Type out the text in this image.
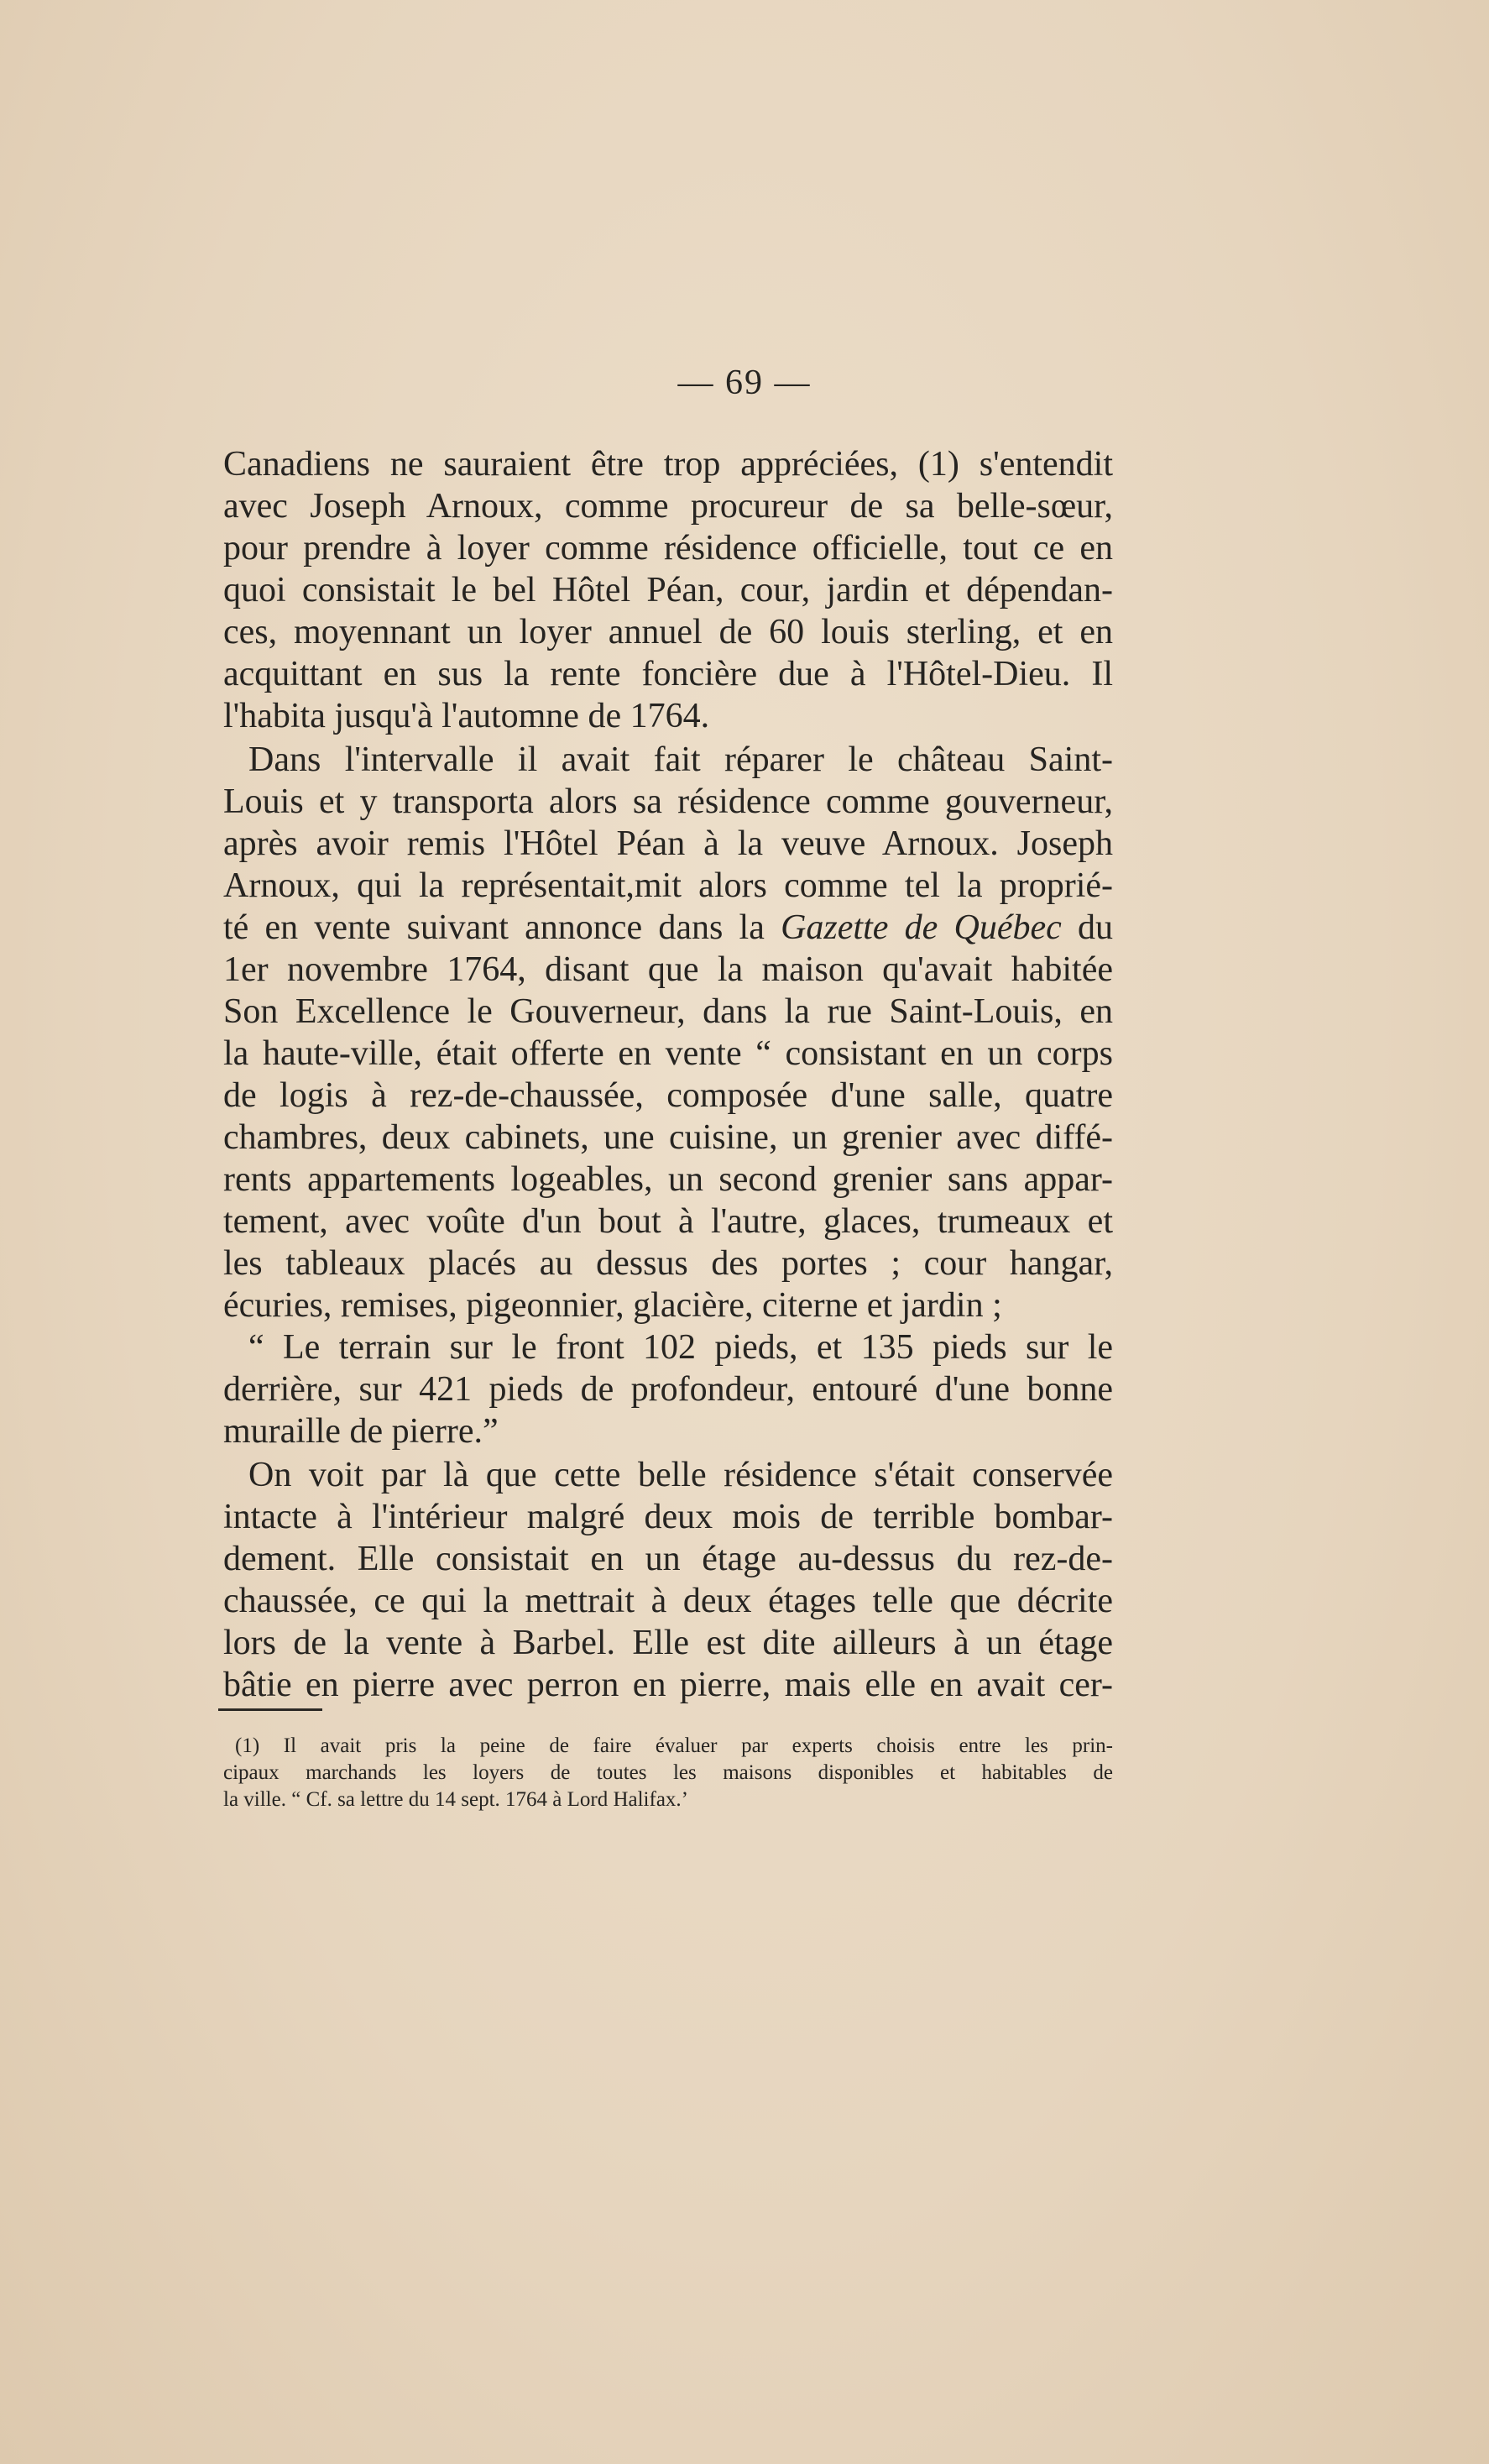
— 69 —

Canadiens ne sauraient être trop appréciées, (1) s'entendit

avec Joseph Arnoux, comme procureur de sa belle-sœur,

pour prendre à loyer comme résidence officielle, tout ce en

quoi consistait le bel Hôtel Péan, cour, jardin et dépendan-

ces, moyennant un loyer annuel de 60 louis sterling, et en

acquittant en sus la rente foncière due à l'Hôtel-Dieu. Il

l'habita jusqu'à l'automne de 1764.

Dans l'intervalle il avait fait réparer le château Saint-

Louis et y transporta alors sa résidence comme gouverneur,

après avoir remis l'Hôtel Péan à la veuve Arnoux. Joseph

Arnoux, qui la représentait,mit alors comme tel la proprié-

té en vente suivant annonce dans la Gazette de Québec du

1er novembre 1764, disant que la maison qu'avait habitée

Son Excellence le Gouverneur, dans la rue Saint-Louis, en

la haute-ville, était offerte en vente “ consistant en un corps

de logis à rez-de-chaussée, composée d'une salle, quatre

chambres, deux cabinets, une cuisine, un grenier avec diffé-

rents appartements logeables, un second grenier sans appar-

tement, avec voûte d'un bout à l'autre, glaces, trumeaux et

les tableaux placés au dessus des portes ; cour hangar,

écuries, remises, pigeonnier, glacière, citerne et jardin ;

“ Le terrain sur le front 102 pieds, et 135 pieds sur le

derrière, sur 421 pieds de profondeur, entouré d'une bonne

muraille de pierre.”

On voit par là que cette belle résidence s'était conservée

intacte à l'intérieur malgré deux mois de terrible bombar-

dement. Elle consistait en un étage au-dessus du rez-de-

chaussée, ce qui la mettrait à deux étages telle que décrite

lors de la vente à Barbel. Elle est dite ailleurs à un étage

bâtie en pierre avec perron en pierre, mais elle en avait cer-

(1) Il avait pris la peine de faire évaluer par experts choisis entre les prin-

cipaux marchands les loyers de toutes les maisons disponibles et habitables de

la ville. “ Cf. sa lettre du 14 sept. 1764 à Lord Halifax.’
